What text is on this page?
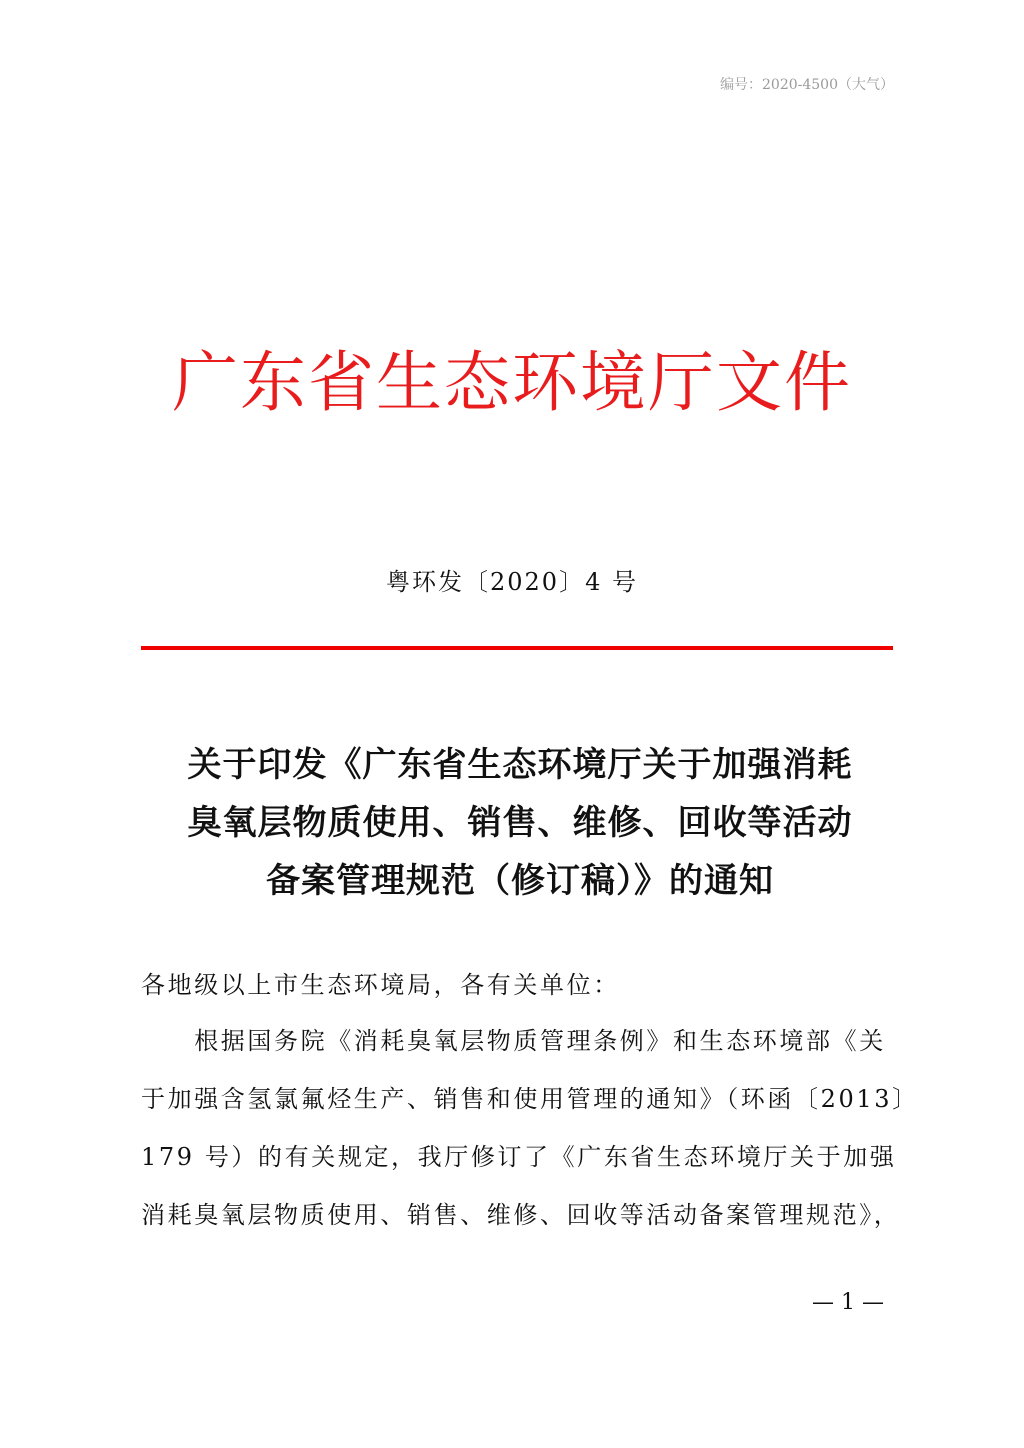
编号：2020-4500（大气）
广东省生态环境厅文件
粤环发〔2020〕4 号
关于印发《广东省生态环境厅关于加强消耗
臭氧层物质使用、销售、维修、回收等活动
备案管理规范（修订稿）》的通知
各地级以上市生态环境局，各有关单位：
　　根据国务院《消耗臭氧层物质管理条例》和生态环境部《关
于加强含氢氯氟烃生产、销售和使用管理的通知》（环函〔2013〕
179 号）的有关规定，我厅修订了《广东省生态环境厅关于加强
消耗臭氧层物质使用、销售、维修、回收等活动备案管理规范》，
— 1 —
